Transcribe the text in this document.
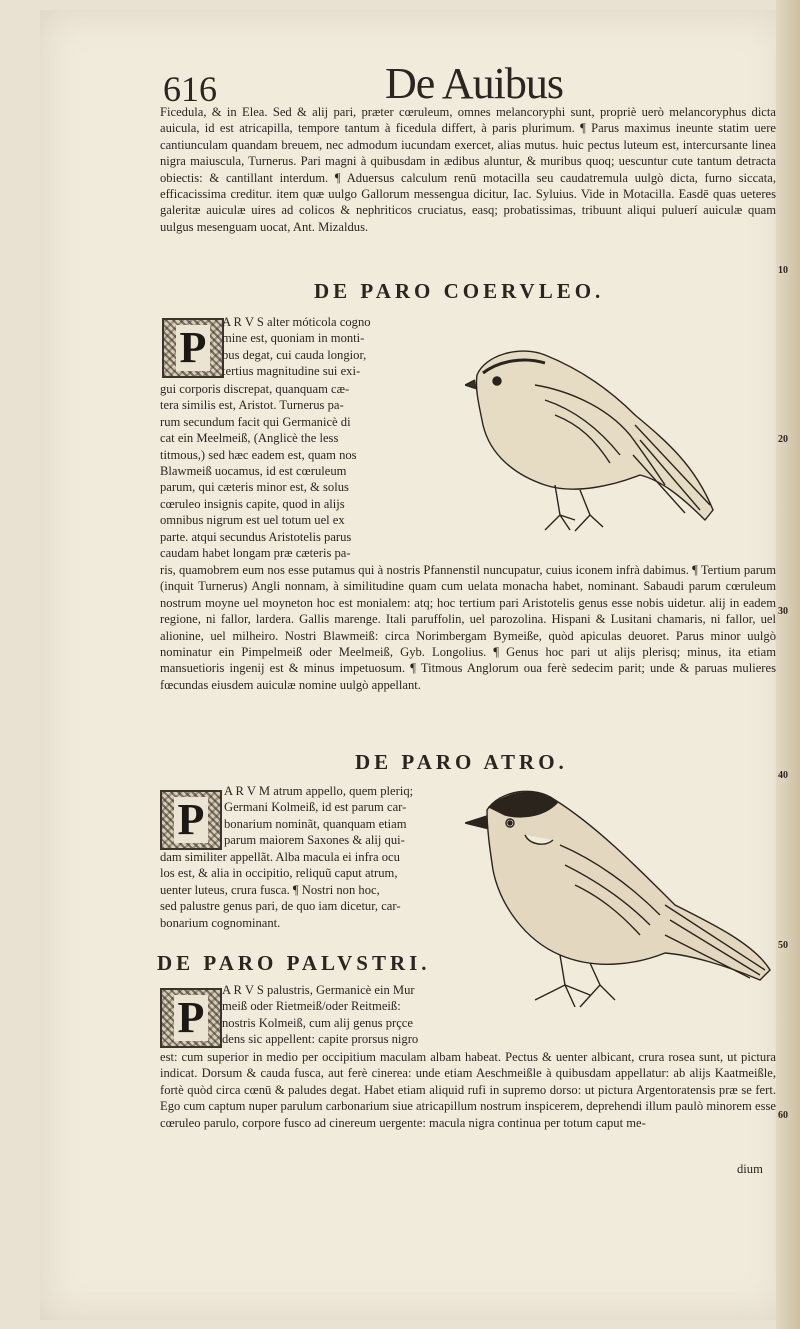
616	De Auibus

Ficedula, & in Elea. Sed & alij pari, præter cœruleum, omnes melancoryphi sunt, propriè uerò melancoryphus dicta auicula, id est atricapilla, tempore tantum à ficedula differt, à paris plurimum. ¶ Parus maximus ineunte statim uere cantiunculam quandam breuem, nec admodum iucundam exercet, alias mutus. huic pectus luteum est, intercursante linea nigra maiuscula, Turnerus. Pari magni à quibusdam in ædibus aluntur, & muribus quoq; uescuntur cute tantum detracta obiectis: & cantillant interdum. ¶ Aduersus calculum renū motacilla seu caudatremula uulgò dicta, furno siccata, efficacissima creditur. item quæ uulgo Gallorum messengua dicitur, Iac. Syluius. Vide in Motacilla. Easdē quas ueteres galeritæ auiculæ uires ad colicos & nephriticos cruciatus, easq; probatissimas, tribuunt aliqui puluerí auiculæ quam uulgus mesenguam uocat, Ant. Mizaldus.

DE PARO COERVLEO.
P

A R V S alter móticola cogno

mine est, quoniam in monti-

bus degat, cui cauda longior,

tertius magnitudine sui exi-

gui corporis discrepat, quanquam cæ-

tera similis est, Aristot. Turnerus pa-

rum secundum facit qui Germanicè di

cat ein Meelmeiß, (Anglicè the less

titmous,) sed hæc eadem est, quam nos

Blawmeiß uocamus, id est cœruleum

parum, qui cæteris minor est, & solus

cœruleo insignis capite, quod in alijs

omnibus nigrum est uel totum uel ex

parte. atqui secundus Aristotelis parus

caudam habet longam præ cæteris pa-

ris, quamobrem eum nos esse putamus qui à nostris Pfannenstil nuncupatur, cuius iconem infrà dabimus. ¶ Tertium parum (inquit Turnerus) Angli nonnam, à similitudine quam cum uelata monacha habet, nominant. Sabaudi parum cœruleum nostrum moyne uel moyneton hoc est monialem: atq; hoc tertium pari Aristotelis genus esse nobis uidetur. alij in eadem regione, ni fallor, lardera. Gallis marenge. Itali paruffolin, uel parozolina. Hispani & Lusitani chamaris, ni fallor, uel alionine, uel milheiro. Nostri Blawmeiß: circa Norimbergam Bymeiße, quòd apiculas deuoret. Parus minor uulgò nominatur ein Pimpelmeiß oder Meelmeiß, Gyb. Longolius. ¶ Genus hoc pari ut alijs plerisq; minus, ita etiam mansuetioris ingenij est & minus impetuosum. ¶ Titmous Anglorum oua ferè sedecim parit; unde & paruas mulieres fœcundas eiusdem auiculæ nomine uulgò appellant.

10
20
30
DE PARO ATRO.
P

A R V M atrum appello, quem pleriq;

Germani Kolmeiß, id est parum car-

bonarium nominãt, quanquam etiam

parum maiorem Saxones & alij qui-

dam similiter appellãt. Alba macula ei infra ocu

los est, & alia in occipitio, reliquũ caput atrum,

uenter luteus, crura fusca. ¶ Nostri non hoc,

sed palustre genus pari, de quo iam dicetur, car-

bonarium cognominant.

40
50
DE PARO PALVSTRI.
P

A R V S palustris, Germanicè ein Mur

meiß oder Rietmeiß/oder Reitmeiß:

nostris Kolmeiß, cum alij genus prçce

dens sic appellent: capite prorsus nigro

est: cum superior in medio per occipitium maculam albam habeat. Pectus & uenter albicant, crura rosea sunt, ut pictura indicat. Dorsum & cauda fusca, aut ferè cinerea: unde etiam Aeschmeißle à quibusdam appellatur: ab alijs Kaatmeißle, fortè quòd circa cœnū & paludes degat. Habet etiam aliquid rufi in supremo dorso: ut pictura Argentoratensis præ se fert. Ego cum captum nuper parulum carbonarium siue atricapillum nostrum inspicerem, deprehendi illum paulò minorem esse cœruleo parulo, corpore fusco ad cinereum uergente: macula nigra continua per totum caput me-

dium
60
